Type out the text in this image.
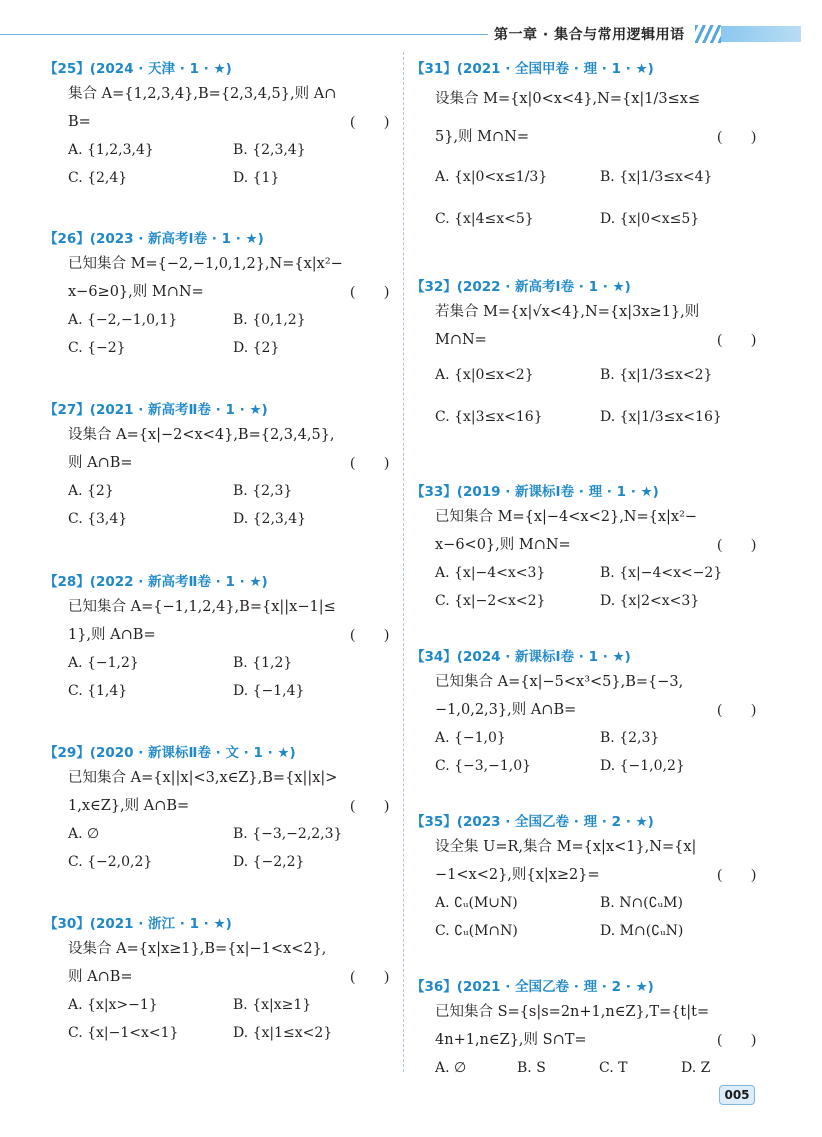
第一章 · 集合与常用逻辑用语
【25】(2024 · 天津 · 1 · ★)
集合 A={1,2,3,4},B={2,3,4,5},则 A∩
B=	(　　)
A. {1,2,3,4}	B. {2,3,4}
C. {2,4}	D. {1}
【26】(2023 · 新高考Ⅰ卷 · 1 · ★)
已知集合 M={−2,−1,0,1,2},N={x|x²−
x−6≥0},则 M∩N=	(　　)
A. {−2,−1,0,1}	B. {0,1,2}
C. {−2}	D. {2}
【27】(2021 · 新高考Ⅱ卷 · 1 · ★)
设集合 A={x|−2<x<4},B={2,3,4,5},
则 A∩B=	(　　)
A. {2}	B. {2,3}
C. {3,4}	D. {2,3,4}
【28】(2022 · 新高考Ⅱ卷 · 1 · ★)
已知集合 A={−1,1,2,4},B={x||x−1|≤
1},则 A∩B=	(　　)
A. {−1,2}	B. {1,2}
C. {1,4}	D. {−1,4}
【29】(2020 · 新课标Ⅱ卷 · 文 · 1 · ★)
已知集合 A={x||x|<3,x∈Z},B={x||x|>
1,x∈Z},则 A∩B=	(　　)
A. ∅	B. {−3,−2,2,3}
C. {−2,0,2}	D. {−2,2}
【30】(2021 · 浙江 · 1 · ★)
设集合 A={x|x≥1},B={x|−1<x<2},
则 A∩B=	(　　)
A. {x|x>−1}	B. {x|x≥1}
C. {x|−1<x<1}	D. {x|1≤x<2}
【31】(2021 · 全国甲卷 · 理 · 1 · ★)
设集合 M={x|0<x<4},N={x|1/3≤x≤
5},则 M∩N=	(　　)
A. {x|0<x≤1/3}	B. {x|1/3≤x<4}
C. {x|4≤x<5}	D. {x|0<x≤5}
【32】(2022 · 新高考Ⅰ卷 · 1 · ★)
若集合 M={x|√x<4},N={x|3x≥1},则
M∩N=	(　　)
A. {x|0≤x<2}	B. {x|1/3≤x<2}
C. {x|3≤x<16}	D. {x|1/3≤x<16}
【33】(2019 · 新课标Ⅰ卷 · 理 · 1 · ★)
已知集合 M={x|−4<x<2},N={x|x²−
x−6<0},则 M∩N=	(　　)
A. {x|−4<x<3}	B. {x|−4<x<−2}
C. {x|−2<x<2}	D. {x|2<x<3}
【34】(2024 · 新课标Ⅰ卷 · 1 · ★)
已知集合 A={x|−5<x³<5},B={−3,
−1,0,2,3},则 A∩B=	(　　)
A. {−1,0}	B. {2,3}
C. {−3,−1,0}	D. {−1,0,2}
【35】(2023 · 全国乙卷 · 理 · 2 · ★)
设全集 U=R,集合 M={x|x<1},N={x|
−1<x<2},则{x|x≥2}=	(　　)
A. ∁ᵤ(M∪N)	B. N∩(∁ᵤM)
C. ∁ᵤ(M∩N)	D. M∩(∁ᵤN)
【36】(2021 · 全国乙卷 · 理 · 2 · ★)
已知集合 S={s|s=2n+1,n∈Z},T={t|t=
4n+1,n∈Z},则 S∩T=	(　　)
A. ∅	B. S	C. T	D. Z
005
